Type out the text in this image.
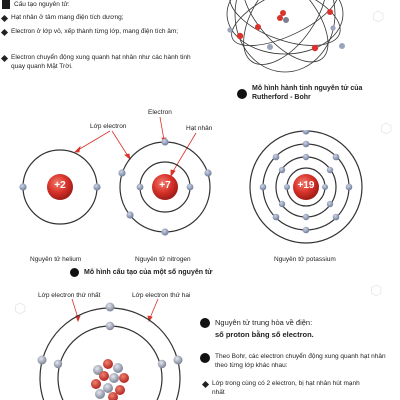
⬡
⬡
⬡
⬡
Cấu tạo nguyên tử:
Hạt nhân ở tâm mang điện tích dương;
Electron ở lớp vỏ, xếp thành từng lớp, mang điện tích âm;
Electron chuyển động xung quanh hạt nhân như các hành tinh quay quanh Mặt Trời.
Mô hình hành tinh nguyên tử của Rutherford - Bohr
Electron
Lớp electron	Hạt nhân
+2	+7	+19
Nguyên tử helium	Nguyên tử nitrogen	Nguyên tử potassium
Mô hình cấu tạo của một số nguyên tử
Lớp electron thứ nhất	Lớp electron thứ hai
Nguyên tử trung hòa về điện:
số proton bằng số electron.
Theo Bohr, các electron chuyển động xung quanh hạt nhân theo từng lớp khác nhau:
Lớp trong cùng có 2 electron, bị hạt nhân hút mạnh nhất
